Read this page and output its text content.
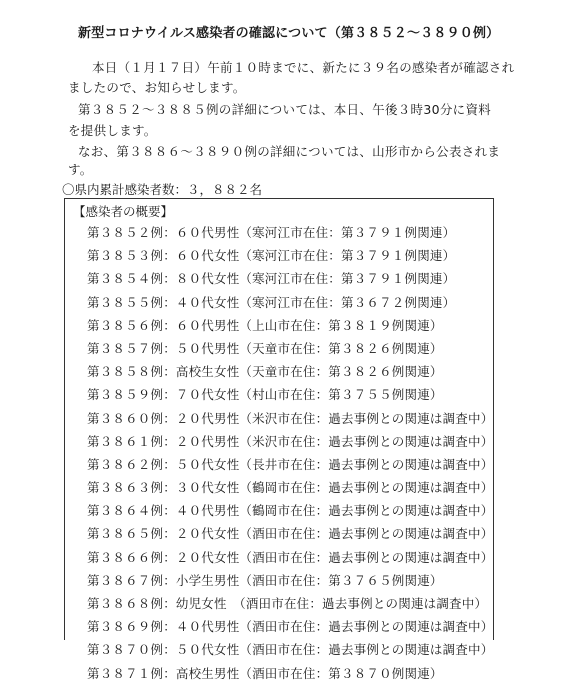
新型コロナウイルス感染者の確認について（第３８５２～３８９０例）
本日（１月１７日）午前１０時までに、新たに３９名の感染者が確認され
ましたので、お知らせします。
第３８５２～３８８５例の詳細については、本日、午後３時30分に資料
を提供します。
なお、第３８８６～３８９０例の詳細については、山形市から公表されま
す。
〇県内累計感染者数：３，８８２名
【感染者の概要】
第３８５２例：６０代男性（寒河江市在住：第３７９１例関連）
第３８５３例：６０代女性（寒河江市在住：第３７９１例関連）
第３８５４例：８０代女性（寒河江市在住：第３７９１例関連）
第３８５５例：４０代女性（寒河江市在住：第３６７２例関連）
第３８５６例：６０代男性（上山市在住：第３８１９例関連）
第３８５７例：５０代男性（天童市在住：第３８２６例関連）
第３８５８例：高校生女性（天童市在住：第３８２６例関連）
第３８５９例：７０代女性（村山市在住：第３７５５例関連）
第３８６０例：２０代男性（米沢市在住：過去事例との関連は調査中）
第３８６１例：２０代男性（米沢市在住：過去事例との関連は調査中）
第３８６２例：５０代女性（長井市在住：過去事例との関連は調査中）
第３８６３例：３０代女性（鶴岡市在住：過去事例との関連は調査中）
第３８６４例：４０代男性（鶴岡市在住：過去事例との関連は調査中）
第３８６５例：２０代女性（酒田市在住：過去事例との関連は調査中）
第３８６６例：２０代女性（酒田市在住：過去事例との関連は調査中）
第３８６７例：小学生男性（酒田市在住：第３７６５例関連）
第３８６８例：幼児女性　（酒田市在住：過去事例との関連は調査中）
第３８６９例：４０代男性（酒田市在住：過去事例との関連は調査中）
第３８７０例：５０代女性（酒田市在住：過去事例との関連は調査中）
第３８７１例：高校生男性（酒田市在住：第３８７０例関連）
